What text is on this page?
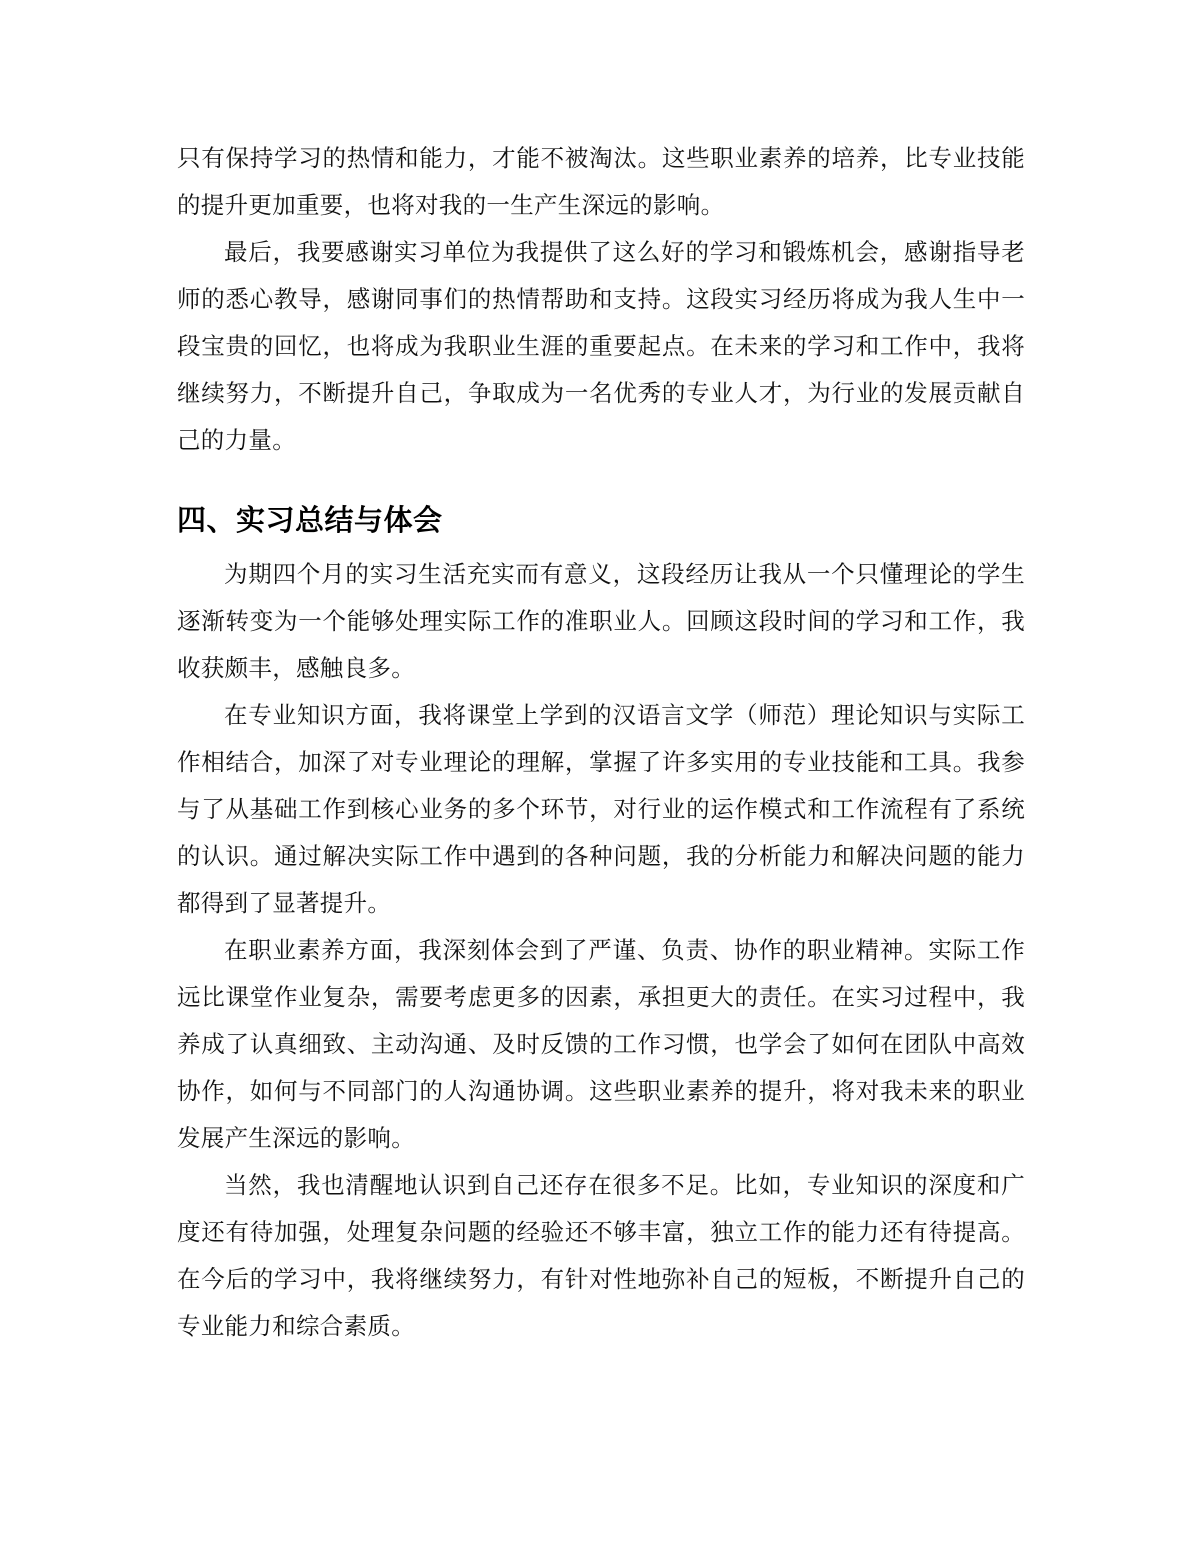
只有保持学习的热情和能力，才能不被淘汰。这些职业素养的培养，比专业技能的提升更加重要，也将对我的一生产生深远的影响。

最后，我要感谢实习单位为我提供了这么好的学习和锻炼机会，感谢指导老师的悉心教导，感谢同事们的热情帮助和支持。这段实习经历将成为我人生中一段宝贵的回忆，也将成为我职业生涯的重要起点。在未来的学习和工作中，我将继续努力，不断提升自己，争取成为一名优秀的专业人才，为行业的发展贡献自己的力量。

四、实习总结与体会

为期四个月的实习生活充实而有意义，这段经历让我从一个只懂理论的学生逐渐转变为一个能够处理实际工作的准职业人。回顾这段时间的学习和工作，我收获颇丰，感触良多。

在专业知识方面，我将课堂上学到的汉语言文学（师范）理论知识与实际工作相结合，加深了对专业理论的理解，掌握了许多实用的专业技能和工具。我参与了从基础工作到核心业务的多个环节，对行业的运作模式和工作流程有了系统的认识。通过解决实际工作中遇到的各种问题，我的分析能力和解决问题的能力都得到了显著提升。

在职业素养方面，我深刻体会到了严谨、负责、协作的职业精神。实际工作远比课堂作业复杂，需要考虑更多的因素，承担更大的责任。在实习过程中，我养成了认真细致、主动沟通、及时反馈的工作习惯，也学会了如何在团队中高效协作，如何与不同部门的人沟通协调。这些职业素养的提升，将对我未来的职业发展产生深远的影响。

当然，我也清醒地认识到自己还存在很多不足。比如，专业知识的深度和广度还有待加强，处理复杂问题的经验还不够丰富，独立工作的能力还有待提高。在今后的学习中，我将继续努力，有针对性地弥补自己的短板，不断提升自己的专业能力和综合素质。
